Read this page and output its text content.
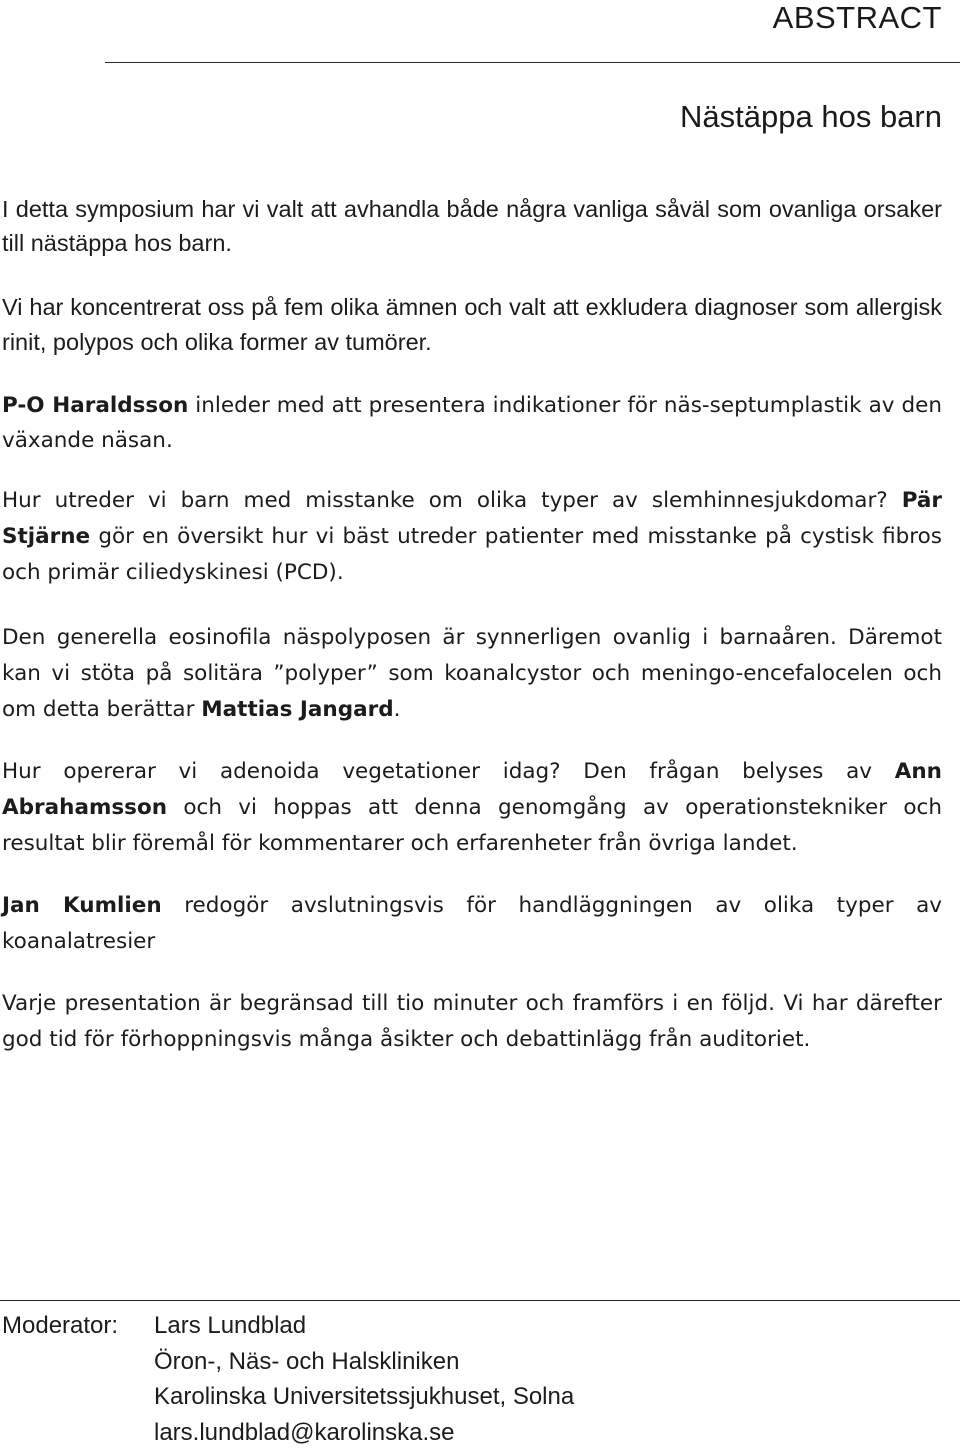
ABSTRACT
Nästäppa hos barn

I detta symposium har vi valt att avhandla både några vanliga såväl som ovanliga orsaker till nästäppa hos barn.

Vi har koncentrerat oss på fem olika ämnen och valt att exkludera diagnoser som allergisk rinit, polypos och olika former av tumörer.

P-O Haraldsson inleder med att presentera indikationer för näs-septumplastik av den växande näsan.

Hur utreder vi barn med misstanke om olika typer av slemhinnesjukdomar? Pär Stjärne gör en översikt hur vi bäst utreder patienter med misstanke på cystisk fibros och primär ciliedyskinesi (PCD).

Den generella eosinofila näspolyposen är synnerligen ovanlig i barnaåren. Däremot kan vi stöta på solitära ”polyper” som koanalcystor och meningo-encefalocelen och om detta berättar Mattias Jangard.

Hur opererar vi adenoida vegetationer idag? Den frågan belyses av Ann Abrahamsson och vi hoppas att denna genomgång av operationstekniker och resultat blir föremål för kommentarer och erfarenheter från övriga landet.

Jan Kumlien redogör avslutningsvis för handläggningen av olika typer av koanalatresier

Varje presentation är begränsad till tio minuter och framförs i en följd. Vi har därefter god tid för förhoppningsvis många åsikter och debattinlägg från auditoriet.

Moderator: Lars Lundblad
Öron-, Näs- och Halskliniken
Karolinska Universitetssjukhuset, Solna
lars.lundblad@karolinska.se
